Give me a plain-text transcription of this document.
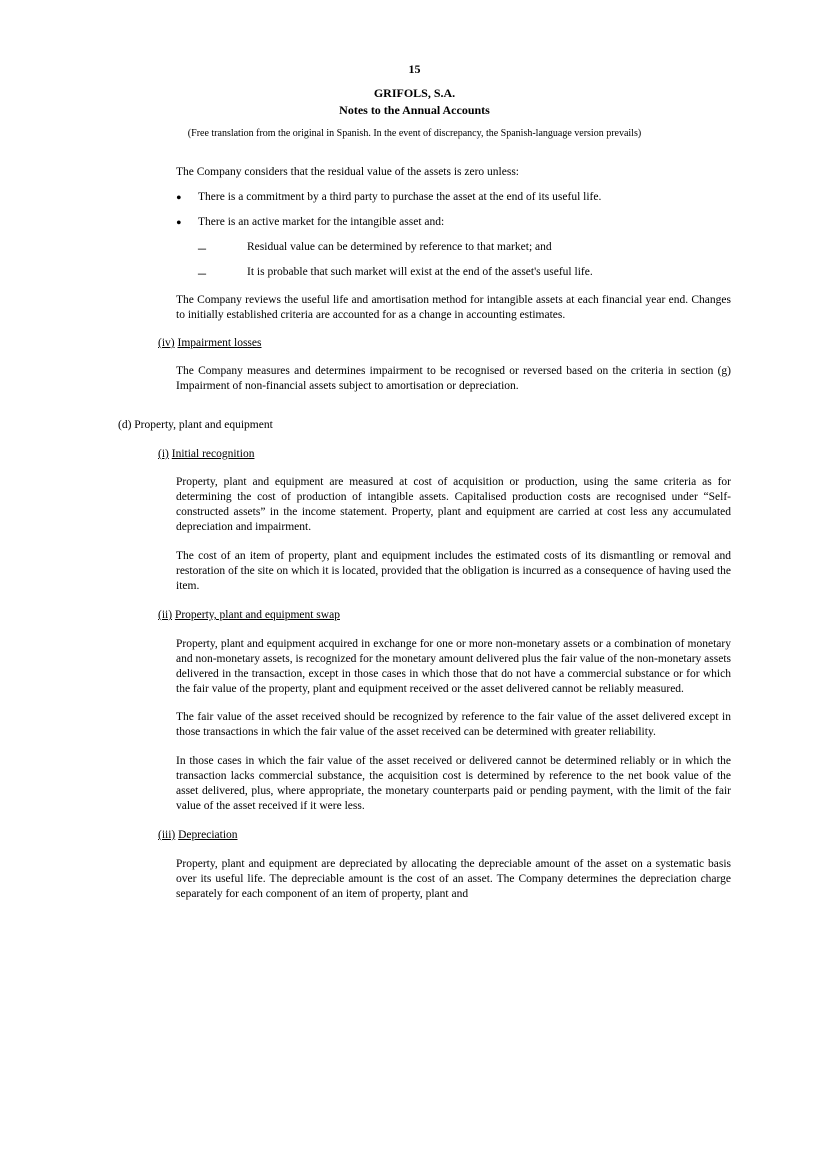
15
GRIFOLS, S.A.
Notes to the Annual Accounts
(Free translation from the original in Spanish. In the event of discrepancy, the Spanish-language version prevails)

The Company considers that the residual value of the assets is zero unless:

• There is a commitment by a third party to purchase the asset at the end of its useful life.

• There is an active market for the intangible asset and:

–	Residual value can be determined by reference to that market; and

–	It is probable that such market will exist at the end of the asset's useful life.

The Company reviews the useful life and amortisation method for intangible assets at each financial year end. Changes to initially established criteria are accounted for as a change in accounting estimates.

(iv) Impairment losses

The Company measures and determines impairment to be recognised or reversed based on the criteria in section (g) Impairment of non-financial assets subject to amortisation or depreciation.

(d) Property, plant and equipment
(i) Initial recognition

Property, plant and equipment are measured at cost of acquisition or production, using the same criteria as for determining the cost of production of intangible assets. Capitalised production costs are recognised under “Self-constructed assets” in the income statement. Property, plant and equipment are carried at cost less any accumulated depreciation and impairment.

The cost of an item of property, plant and equipment includes the estimated costs of its dismantling or removal and restoration of the site on which it is located, provided that the obligation is incurred as a consequence of having used the item.

(ii) Property, plant and equipment swap

Property, plant and equipment acquired in exchange for one or more non-monetary assets or a combination of monetary and non-monetary assets, is recognized for the monetary amount delivered plus the fair value of the non-monetary assets delivered in the transaction, except in those cases in which those that do not have a commercial substance or for which the fair value of the property, plant and equipment received or the asset delivered cannot be reliably measured.

The fair value of the asset received should be recognized by reference to the fair value of the asset delivered except in those transactions in which the fair value of the asset received can be determined with greater reliability.

In those cases in which the fair value of the asset received or delivered cannot be determined reliably or in which the transaction lacks commercial substance, the acquisition cost is determined by reference to the net book value of the asset delivered, plus, where appropriate, the monetary counterparts paid or pending payment, with the limit of the fair value of the asset received if it were less.

(iii) Depreciation

Property, plant and equipment are depreciated by allocating the depreciable amount of the asset on a systematic basis over its useful life. The depreciable amount is the cost of an asset. The Company determines the depreciation charge separately for each component of an item of property, plant and
